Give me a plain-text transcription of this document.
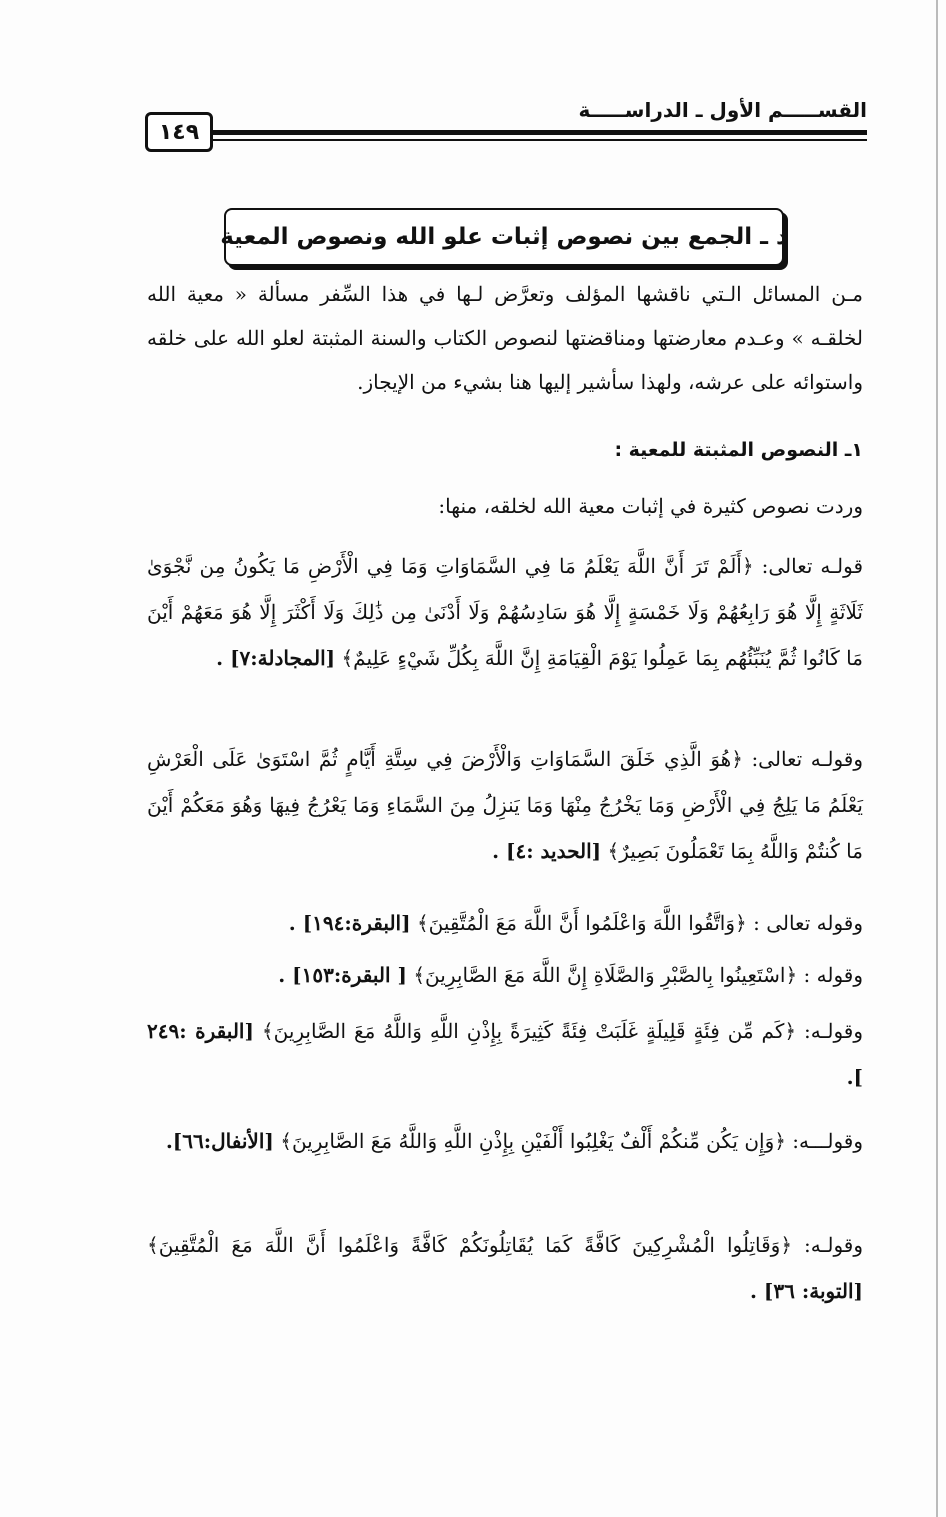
١٤٩
القســـــم الأول ـ الدراســـــة
د ـ الجمع بين نصوص إثبات علو الله ونصوص المعية

مـن المسائل الـتي ناقشها المؤلف وتعرَّض لـها في هذا السِّفر مسألة « معية الله لخلقـه » وعـدم معارضتها ومناقضتها لنصوص الكتاب والسنة المثبتة لعلو الله على خلقه واستوائه على عرشه، ولهذا سأشير إليها هنا بشيء من الإيجاز.

١ـ النصوص المثبتة للمعية :
وردت نصوص كثيرة في إثبات معية الله لخلقه، منها:

قولـه تعالى: ﴿أَلَمْ تَرَ أَنَّ اللَّهَ يَعْلَمُ مَا فِي السَّمَاوَاتِ وَمَا فِي الْأَرْضِ مَا يَكُونُ مِن نَّجْوَىٰ ثَلَاثَةٍ إِلَّا هُوَ رَابِعُهُمْ وَلَا خَمْسَةٍ إِلَّا هُوَ سَادِسُهُمْ وَلَا أَدْنَىٰ مِن ذَٰلِكَ وَلَا أَكْثَرَ إِلَّا هُوَ مَعَهُمْ أَيْنَ مَا كَانُوا ثُمَّ يُنَبِّئُهُم بِمَا عَمِلُوا يَوْمَ الْقِيَامَةِ إِنَّ اللَّهَ بِكُلِّ شَيْءٍ عَلِيمٌ﴾ [المجادلة:٧] .

وقولـه تعالى: ﴿هُوَ الَّذِي خَلَقَ السَّمَاوَاتِ وَالْأَرْضَ فِي سِتَّةِ أَيَّامٍ ثُمَّ اسْتَوَىٰ عَلَى الْعَرْشِ يَعْلَمُ مَا يَلِجُ فِي الْأَرْضِ وَمَا يَخْرُجُ مِنْهَا وَمَا يَنزِلُ مِنَ السَّمَاءِ وَمَا يَعْرُجُ فِيهَا وَهُوَ مَعَكُمْ أَيْنَ مَا كُنتُمْ وَاللَّهُ بِمَا تَعْمَلُونَ بَصِيرٌ﴾ [الحديد :٤] .

وقوله تعالى : ﴿وَاتَّقُوا اللَّهَ وَاعْلَمُوا أَنَّ اللَّهَ مَعَ الْمُتَّقِينَ﴾ [البقرة:١٩٤] .

وقوله : ﴿اسْتَعِينُوا بِالصَّبْرِ وَالصَّلَاةِ إِنَّ اللَّهَ مَعَ الصَّابِرِينَ﴾ [ البقرة:١٥٣] .

وقولـه: ﴿كَم مِّن فِئَةٍ قَلِيلَةٍ غَلَبَتْ فِئَةً كَثِيرَةً بِإِذْنِ اللَّهِ وَاللَّهُ مَعَ الصَّابِرِينَ﴾ [البقرة :٢٤٩ ].

وقولـــه: ﴿وَإِن يَكُن مِّنكُمْ أَلْفٌ يَغْلِبُوا أَلْفَيْنِ بِإِذْنِ اللَّهِ وَاللَّهُ مَعَ الصَّابِرِينَ﴾ [الأنفال:٦٦].

وقولـه: ﴿وَقَاتِلُوا الْمُشْرِكِينَ كَافَّةً كَمَا يُقَاتِلُونَكُمْ كَافَّةً وَاعْلَمُوا أَنَّ اللَّهَ مَعَ الْمُتَّقِينَ﴾ [التوبة: ٣٦] .
